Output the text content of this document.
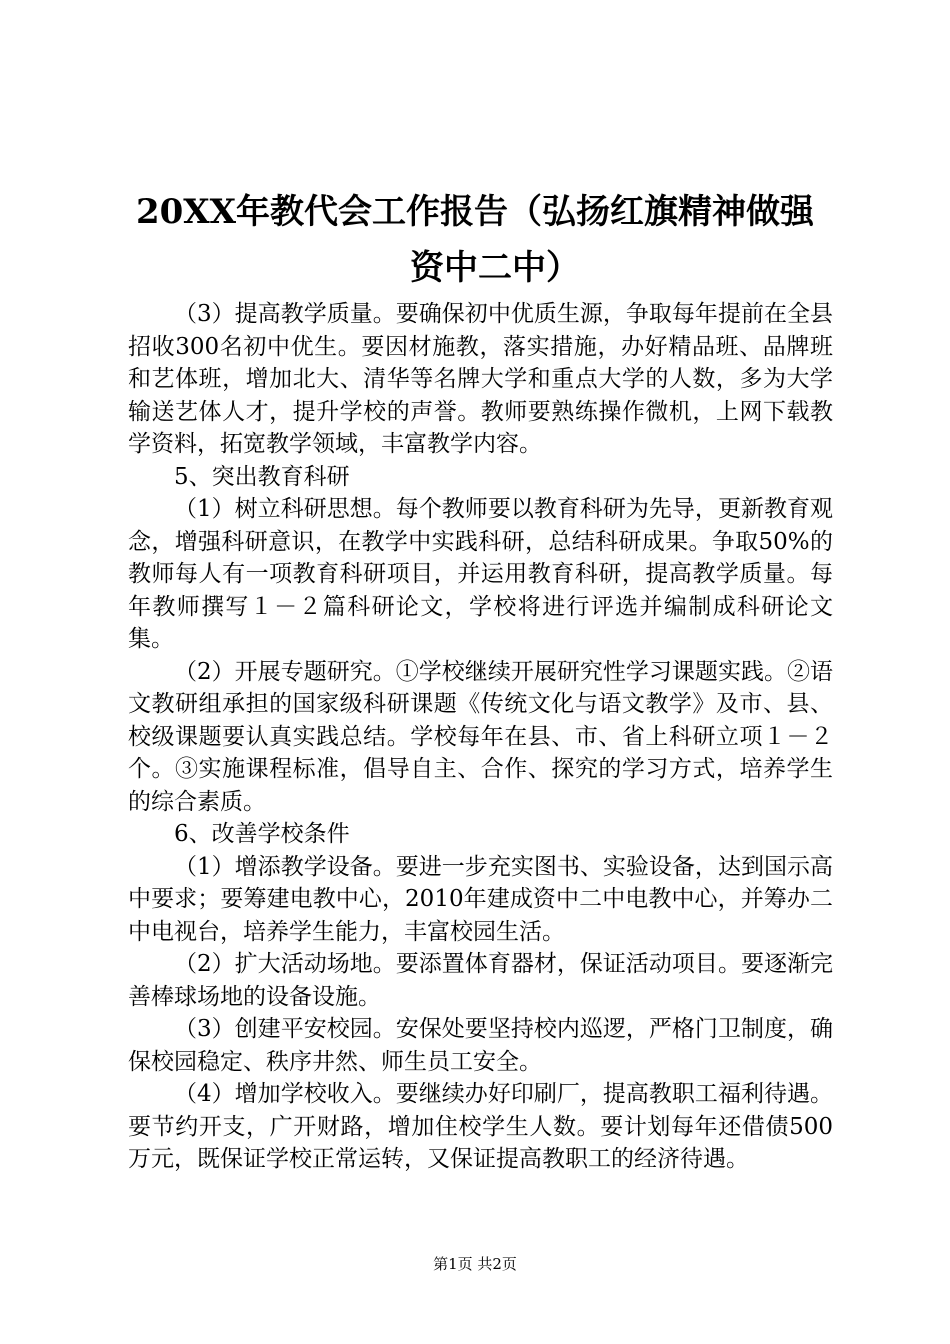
20XX年教代会工作报告（弘扬红旗精神做强
资中二中）

（3）提高教学质量。要确保初中优质生源，争取每年提前在全县招收300名初中优生。要因材施教，落实措施，办好精品班、品牌班和艺体班，增加北大、清华等名牌大学和重点大学的人数，多为大学输送艺体人才，提升学校的声誉。教师要熟练操作微机，上网下载教学资料，拓宽教学领域，丰富教学内容。

5、突出教育科研

（1）树立科研思想。每个教师要以教育科研为先导，更新教育观念，增强科研意识，在教学中实践科研，总结科研成果。争取50%的教师每人有一项教育科研项目，并运用教育科研，提高教学质量。每年教师撰写１－２篇科研论文，学校将进行评选并编制成科研论文集。

（2）开展专题研究。①学校继续开展研究性学习课题实践。②语文教研组承担的国家级科研课题《传统文化与语文教学》及市、县、校级课题要认真实践总结。学校每年在县、市、省上科研立项１－２个。③实施课程标准，倡导自主、合作、探究的学习方式，培养学生的综合素质。

6、改善学校条件

（1）增添教学设备。要进一步充实图书、实验设备，达到国示高中要求；要筹建电教中心，2010年建成资中二中电教中心，并筹办二中电视台，培养学生能力，丰富校园生活。

（2）扩大活动场地。要添置体育器材，保证活动项目。要逐渐完善棒球场地的设备设施。

（3）创建平安校园。安保处要坚持校内巡逻，严格门卫制度，确保校园稳定、秩序井然、师生员工安全。

（4）增加学校收入。要继续办好印刷厂，提高教职工福利待遇。要节约开支，广开财路，增加住校学生人数。要计划每年还借债500万元，既保证学校正常运转，又保证提高教职工的经济待遇。

第1页 共2页
